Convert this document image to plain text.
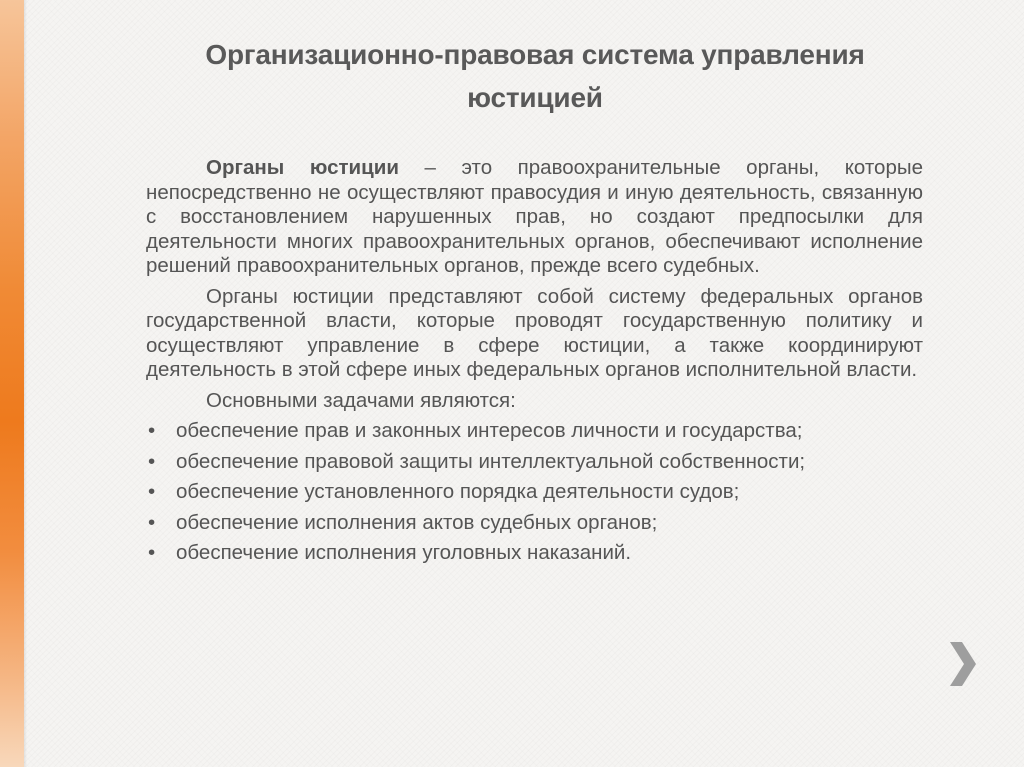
Организационно-правовая система управления юстицией

Органы юстиции – это правоохранительные органы, которые непосредственно не осуществляют правосудия и иную деятельность, связанную с восстановлением нарушенных прав, но создают предпосылки для деятельности многих правоохранительных органов, обеспечивают исполнение решений правоохранительных органов, прежде всего судебных.

Органы юстиции представляют собой систему федеральных органов государственной власти, которые проводят государственную политику и осуществляют управление в сфере юстиции, а также координируют деятельность в этой сфере иных федеральных органов исполнительной власти.

Основными задачами являются:

• обеспечение прав и законных интересов личности и государства;
• обеспечение правовой защиты интеллектуальной собственности;
• обеспечение установленного порядка деятельности судов;
• обеспечение исполнения актов судебных органов;
• обеспечение исполнения уголовных наказаний.
